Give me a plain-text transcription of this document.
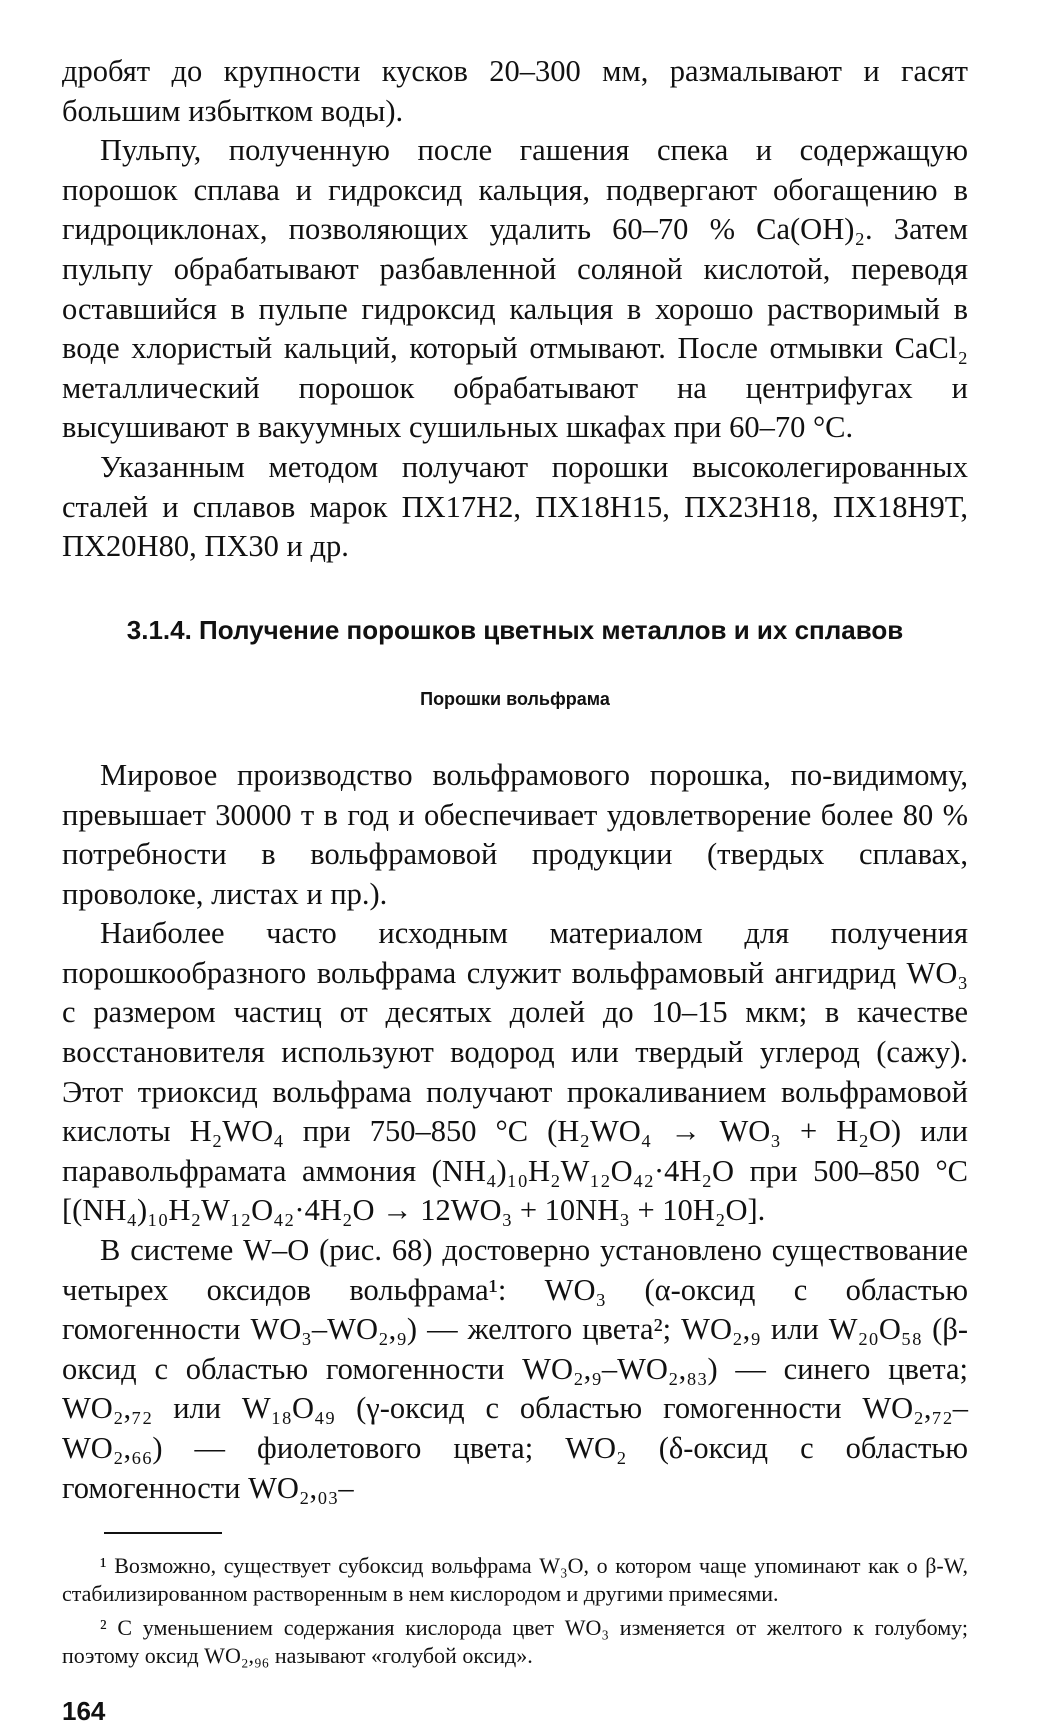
дробят до крупности кусков 20–300 мм, размалывают и гасят большим избытком воды).

Пульпу, полученную после гашения спека и содержащую порошок сплава и гидроксид кальция, подвергают обогащению в гидроциклонах, позволяющих удалить 60–70 % Ca(OH)₂. Затем пульпу обрабатывают разбавленной соляной кислотой, переводя оставшийся в пульпе гидроксид кальция в хорошо растворимый в воде хлористый кальций, который отмывают. После отмывки CaCl₂ металлический порошок обрабатывают на центрифугах и высушивают в вакуумных сушильных шкафах при 60–70 °С.

Указанным методом получают порошки высоколегированных сталей и сплавов марок ПХ17Н2, ПХ18Н15, ПХ23Н18, ПХ18Н9Т, ПХ20Н80, ПХ30 и др.

3.1.4. Получение порошков цветных металлов и их сплавов
Порошки вольфрама

Мировое производство вольфрамового порошка, по-видимому, превышает 30000 т в год и обеспечивает удовлетворение более 80 % потребности в вольфрамовой продукции (твердых сплавах, проволоке, листах и пр.).

Наиболее часто исходным материалом для получения порошкообразного вольфрама служит вольфрамовый ангидрид WO₃ с размером частиц от десятых долей до 10–15 мкм; в качестве восстановителя используют водород или твердый углерод (сажу). Этот триоксид вольфрама получают прокаливанием вольфрамовой кислоты H₂WO₄ при 750–850 °С (H₂WO₄ → WO₃ + H₂O) или паравольфрамата аммония (NH₄)₁₀H₂W₁₂O₄₂·4H₂O при 500–850 °С [(NH₄)₁₀H₂W₁₂O₄₂·4H₂O → 12WO₃ + 10NH₃ + 10H₂O].

В системе W–O (рис. 68) достоверно установлено существование четырех оксидов вольфрама¹: WO₃ (α-оксид с областью гомогенности WO₃–WO₂,₉) — желтого цвета²; WO₂,₉ или W₂₀O₅₈ (β-оксид с областью гомогенности WO₂,₉–WO₂,₈₃) — синего цвета; WO₂,₇₂ или W₁₈O₄₉ (γ-оксид с областью гомогенности WO₂,₇₂–WO₂,₆₆) — фиолетового цвета; WO₂ (δ-оксид с областью гомогенности WO₂,₀₃–

¹ Возможно, существует субоксид вольфрама W₃O, о котором чаще упоминают как о β-W, стабилизированном растворенным в нем кислородом и другими примесями.

² С уменьшением содержания кислорода цвет WO₃ изменяется от желтого к голубому; поэтому оксид WO₂,₉₆ называют «голубой оксид».

164
